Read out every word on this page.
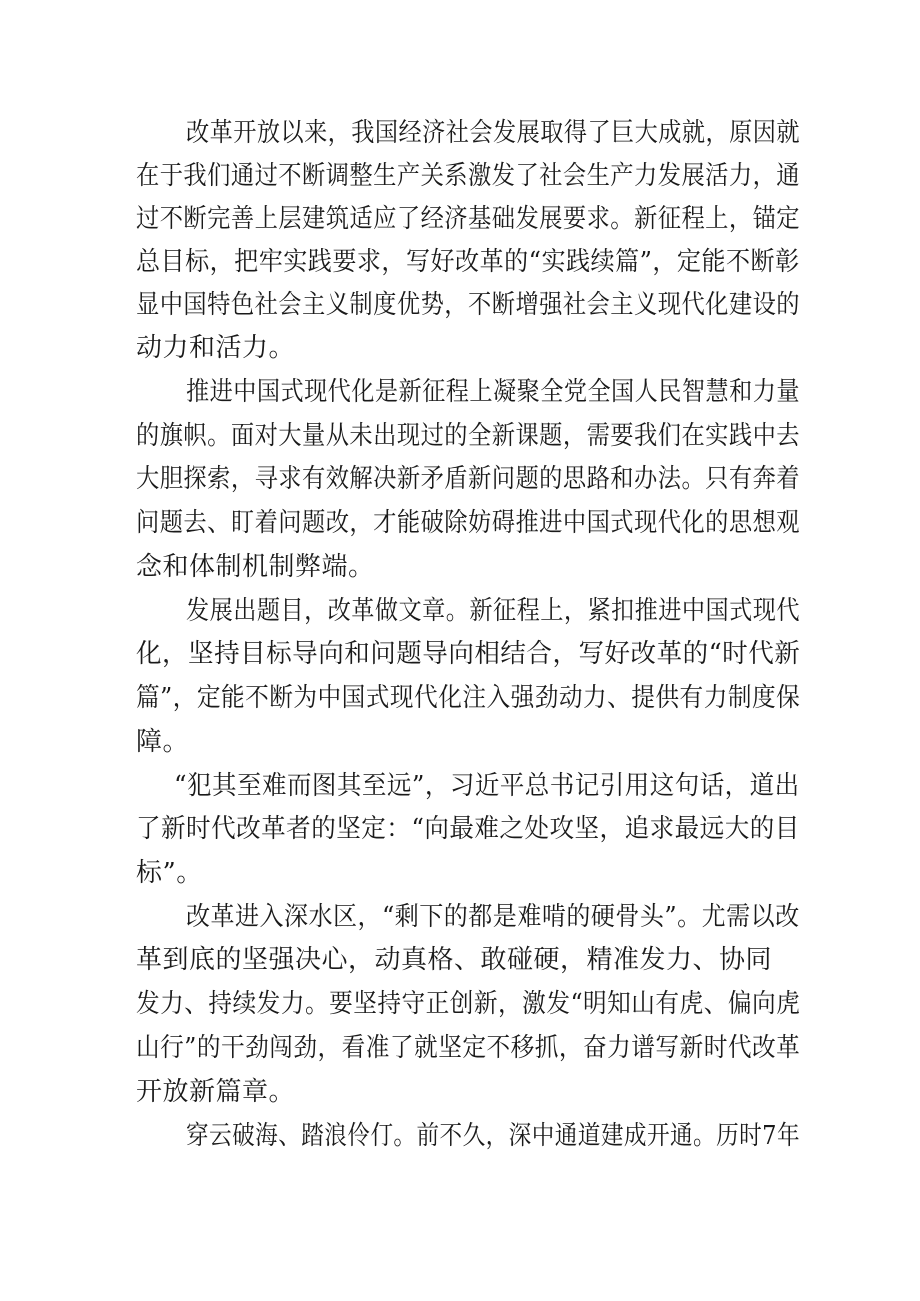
改革开放以来，我国经济社会发展取得了巨大成就，原因就
在于我们通过不断调整生产关系激发了社会生产力发展活力，通
过不断完善上层建筑适应了经济基础发展要求。新征程上，锚定
总目标，把牢实践要求，写好改革的“实践续篇”，定能不断彰
显中国特色社会主义制度优势，不断增强社会主义现代化建设的
动力和活力。
推进中国式现代化是新征程上凝聚全党全国人民智慧和力量
的旗帜。面对大量从未出现过的全新课题，需要我们在实践中去
大胆探索，寻求有效解决新矛盾新问题的思路和办法。只有奔着
问题去、盯着问题改，才能破除妨碍推进中国式现代化的思想观
念和体制机制弊端。
发展出题目，改革做文章。新征程上，紧扣推进中国式现代
化，坚持目标导向和问题导向相结合，写好改革的“时代新
篇”，定能不断为中国式现代化注入强劲动力、提供有力制度保
障。
“犯其至难而图其至远”，习近平总书记引用这句话，道出
了新时代改革者的坚定：“向最难之处攻坚，追求最远大的目
标”。
改革进入深水区，“剩下的都是难啃的硬骨头”。尤需以改
革到底的坚强决心，动真格、敢碰硬，精准发力、协同
发力、持续发力。要坚持守正创新，激发“明知山有虎、偏向虎
山行”的干劲闯劲，看准了就坚定不移抓，奋力谱写新时代改革
开放新篇章。
穿云破海、踏浪伶仃。前不久，深中通道建成开通。历时7年
